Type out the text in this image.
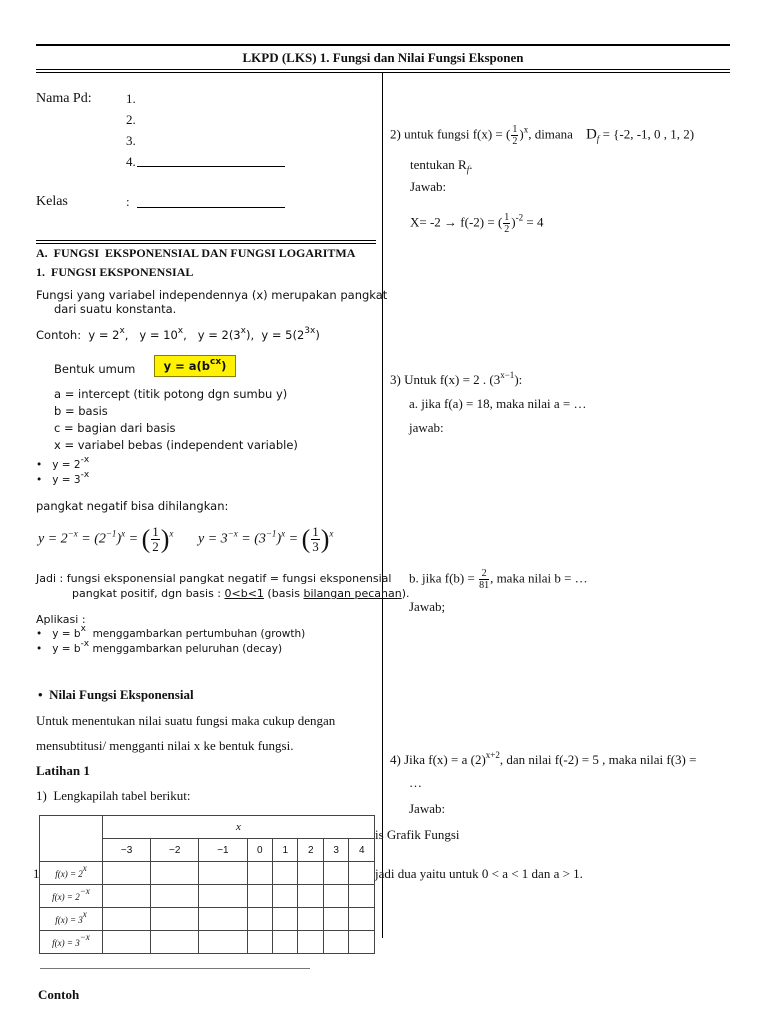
LKPD (LKS) 1. Fungsi dan Nilai Fungsi Eksponen
Nama Pd:	1.
2.
3.
4.
Kelas	:
A.  FUNGSI  EKSPONENSIAL DAN FUNGSI LOGARITMA
1.  FUNGSI EKSPONENSIAL
Fungsi yang variabel independennya (x) merupakan pangkat
dari suatu konstanta.
Contoh:  $y = 2^x$,   $y = 10^x$,   $y = 2(3^x)$,  $y = 5(2^{3x})$
Bentuk umum	$y = a(b^{cx})$
a = intercept (titik potong dgn sumbu y)
b = basis
c = bagian dari basis
x = variabel bebas (independent variable)
•   $y = 2^{-x}$
•   $y = 3^{-x}$
pangkat negatif bisa dihilangkan:
$y = 2^{-x} = (2^{-1})^x$ = ( $\frac{1}{2} )^x$ $y = 3^{-x} = (3^{-1})^x$ = ( $\frac{1}{3} )^x$
Jadi : fungsi eksponensial pangkat negatif = fungsi eksponensial
pangkat positif, dgn basis : 0<b<1 (basis bilangan pecahan).
Aplikasi :
•   $y = b^x$ menggambarkan pertumbuhan (growth)
•   $y = b^{-x}$ menggambarkan peluruhan (decay)
•  Nilai Fungsi Eksponensial
Untuk menentukan nilai suatu fungsi maka cukup dengan
mensubtitusi/ mengganti nilai x ke bentuk fungsi.
Latihan 1
1)  Lengkapilah tabel berikut:
1
	x							
	−3	−2	−1	0	1	2	3	4
$f(x) = 2^x$								
$f(x) = 2^{-x}$								
$f(x) = 3^x$								
$f(x) = 3^{-x}$								
Contoh
2) untuk fungsi f(x) = ( $\frac{1}{2} )^x$, dimana $D_f = \{-2$, -1, 0 , 1, 2)
tentukan $R_f$.
Jawab:
X= -2 → f(-2) = ( $\frac{1}{2} )^{-2} = 4$
3) Untuk f(x) = 2 . $(3^{x-1})$:
a. jika f(a) = 18, maka nilai a = …
jawab:
b. jika $f(b) = \frac{2}{81}$ , maka nilai b = …
Jawab;
4) Jika f(x) = a $(2)^{x+2}$, dan nilai f(-2) = 5 , maka nilai f(3) =
…
Jawab:
is Grafik Fungsi
jadi dua yaitu untuk 0 < a < 1 dan a > 1.
